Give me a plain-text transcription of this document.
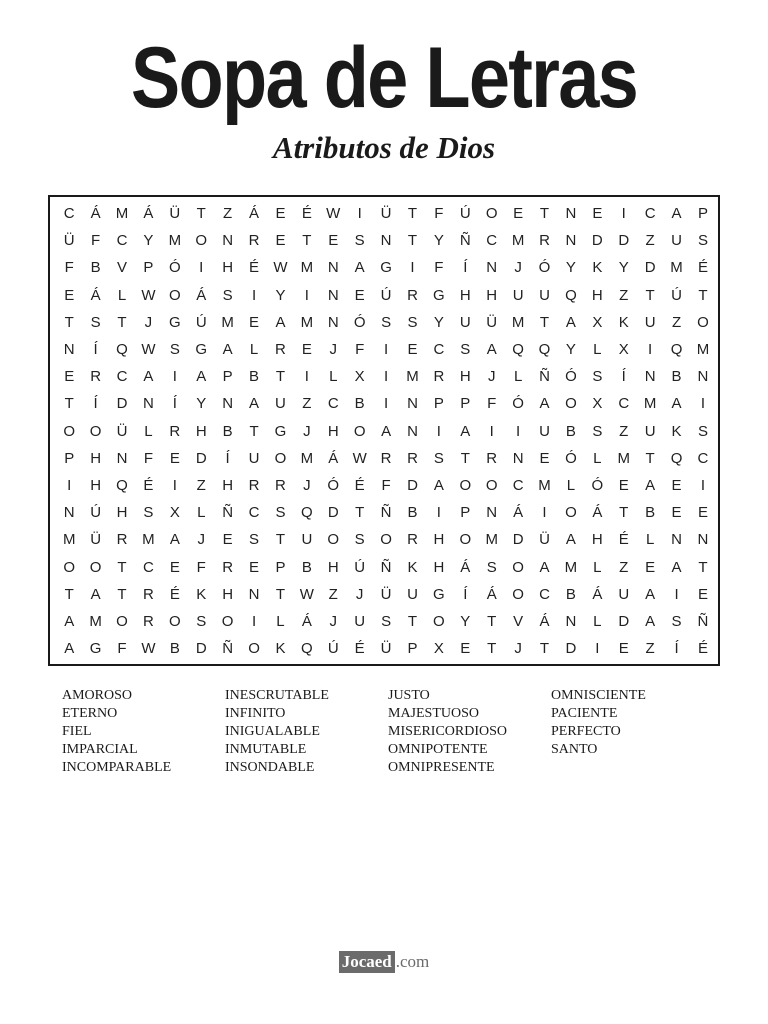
Sopa de Letras
Atributos de Dios
C	Á	M	Á	Ü	T	Z	Á	E	É W	I	Ü	T	F	Ú	O	E	T	N	E	I	C	A	P
Ü	F	C	Y	M O	N	R	E	T	E	S	N	T	Y	Ñ	C M R	N	D	D	Z	U	S
F	B	V	P	Ó	I	H	É W M N	A	G	I	F	Í	N	J	Ó	Y	K	Y	D M	É
E	Á	L	W O	Á	S	I	Y	I	N	E	Ú	R	G	H	H	U	U	Q	H	Z	T	Ú	T
T	S	T	J	G	Ú M	E	A	M N	Ó	S	S	Y	U	Ü M	T	A	X	K	U	Z	O
N	Í	Q W S	G	A	L	R	E	J	F	I	E	C	S	A	Q Q	Y	L	X	I	Q M
E	R	C	A	I	A	P	B	T	I	L	X	I	M R	H	J	L	Ñ	Ó	S	Í	N	B	N
T	Í	D	N	Í	Y	N	A	U	Z	C	B	I	N	P	P	F	Ó	A	O	X	C M	A	I
O O	Ü	L	R	H	B	T	G	J	H	O	A	N	I	A	I	I	U	B	S	Z	U	K	S
P	H	N	F	E	D	Í	U	O M	Á W R	R	S	T	R	N	E	Ó	L	M	T	Q	C
I	H	Q	É	I	Z	H	R	R	J	Ó	É	F	D	A	O O	C M	L	Ó	E	A	E	I
N	Ú	H	S	X	L	Ñ	C	S	Q	D	T	Ñ	B	I	P	N	Á	I	O	Á	T	B	E	E
M Ü	R M	A	J	E	S	T	U	O	S	O	R	H	O M D	Ü	A	H	É	L	N	N
O O	T	C	E	F	R	E	P	B	H	Ú	Ñ	K	H	Á	S	O	A	M	L	Z	E	A	T
T	A	T	R	É	K	H	N	T W Z	J	Ü	U	G	Í	Á	O	C	B	Á	U	A	I	E
A	M O	R	O	S	O	I	L	Á	J	U	S	T	O	Y	T	V	Á	N	L	D	A	S	Ñ
A	G	F W B	D	Ñ	O	K	Q	Ú	É	Ü	P	X	E	T	J	T	D	I	E	Z	Í	É
AMOROSO
ETERNO
FIEL
IMPARCIAL
INCOMPARABLE
INESCRUTABLE
INFINITO
INIGUALABLE
INMUTABLE
INSONDABLE
JUSTO
MAJESTUOSO
MISERICORDIOSO
OMNIPOTENTE
OMNIPRESENTE
OMNISCIENTE
PACIENTE
PERFECTO
SANTO
Jocaed .com
